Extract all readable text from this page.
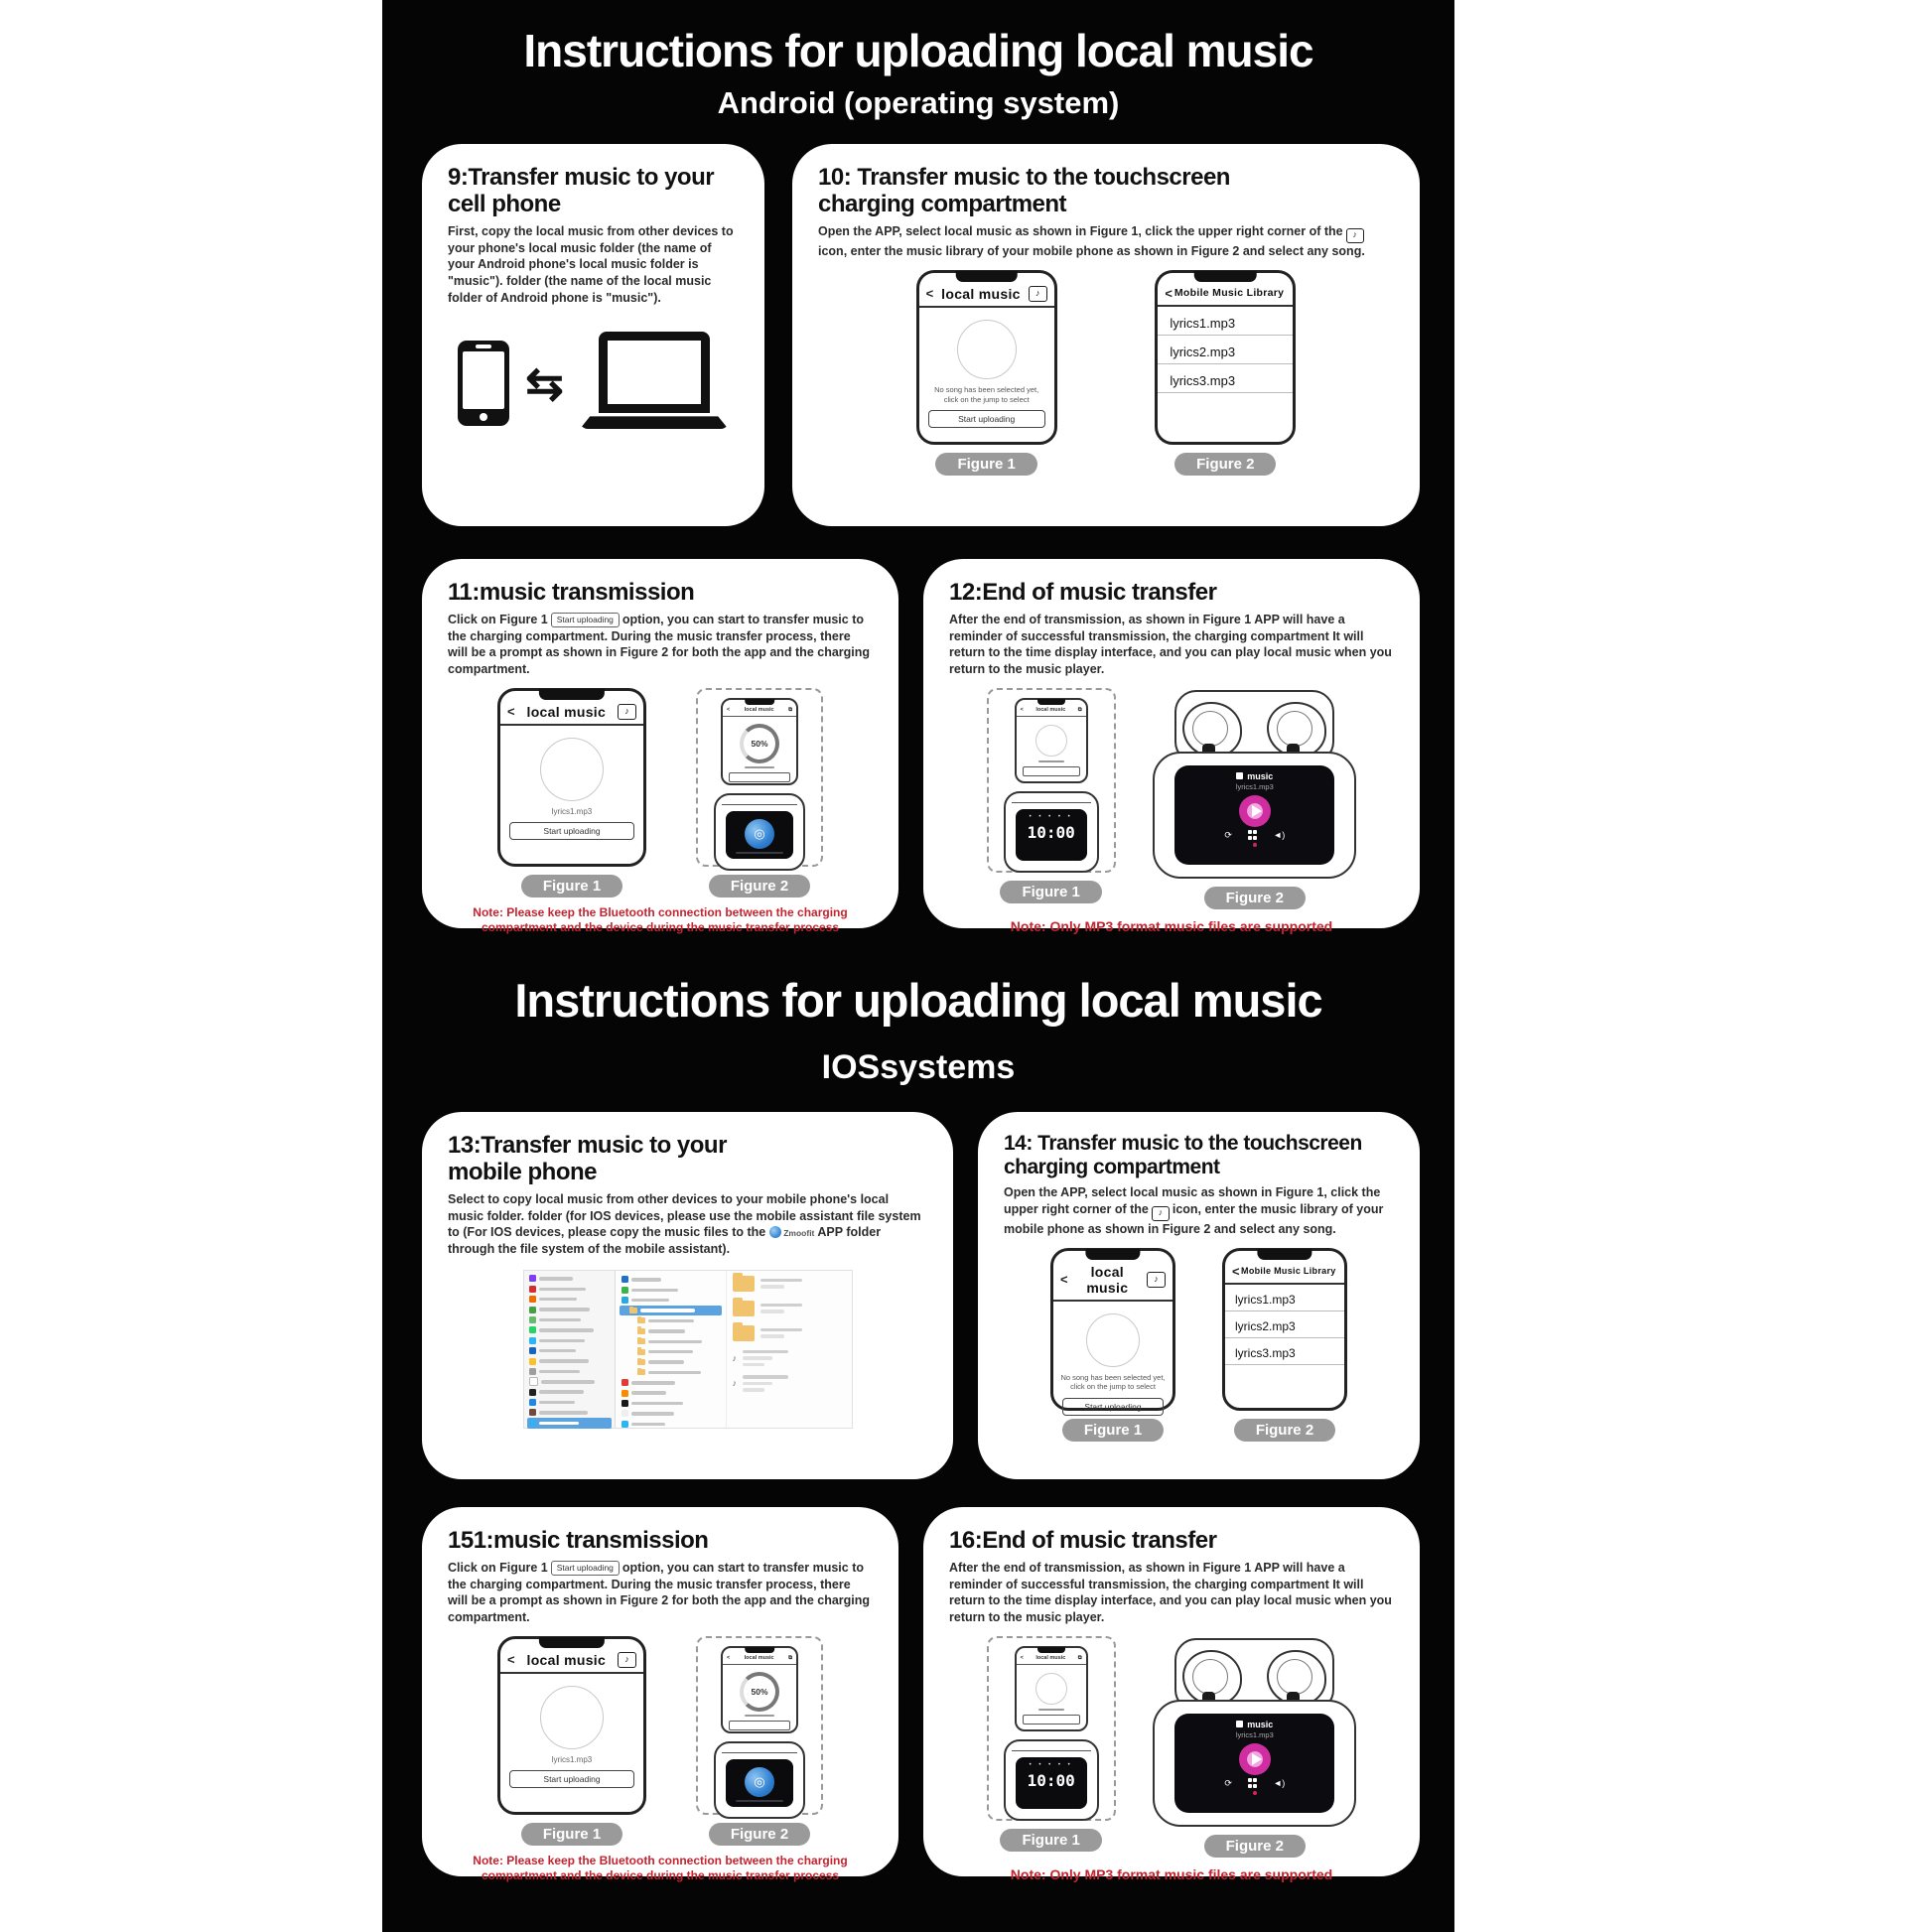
Instructions for uploading local music
Android (operating system)
9:Transfer music to your cell phone

First, copy the local music from other devices to your phone's local music folder (the name of your Android phone's local music folder is "music"). folder (the name of the local music folder of Android phone is "music").

⇆
10: Transfer music to the touchscreen charging compartment

Open the APP, select local music as shown in Figure 1, click the upper right corner of the ♪icon, enter the music library of your mobile phone as shown in Figure 2 and select any song.

< local music	♪
No song has been selected yet,
click on the jump to select
Start uploading
Figure 1
< Mobile Music Library
lyrics1.mp3
lyrics2.mp3
lyrics3.mp3
Figure 2
11:music transmission

Click on Figure 1 Start uploading option, you can start to transfer music to the charging compartment. During the music transfer process, there will be a prompt as shown in Figure 2 for both the app and the charging compartment.

< local music	♪
lyrics1.mp3
Start uploading
Figure 1
<	local music	⧉
50%
◎
Figure 2
Note: Please keep the Bluetooth connection between the charging compartment and the device during the music transfer process
12:End of music transfer

After the end of transmission, as shown in Figure 1 APP will have a reminder of successful transmission, the charging compartment It will return to the time display interface, and you can play local music when you return to the music player.

< local music ⧉
• • • • •
10:00
Figure 1
music
lyrics1.mp3
⟳	◄)
Figure 2
Note: Only MP3 format music files are supported
Instructions for uploading local music
IOSsystems
13:Transfer music to your mobile phone

Select to copy local music from other devices to your mobile phone's local music folder. folder (for IOS devices, please use the mobile assistant file system to (For IOS devices, please copy the music files to the Zmoofit APP folder through the file system of the mobile assistant).

♪
♪
14: Transfer music to the touchscreen charging compartment

Open the APP, select local music as shown in Figure 1, click the upper right corner of the ♪ icon, enter the music library of your mobile phone as shown in Figure 2 and select any song.

<	local music
♪
No song has been selected yet,
click on the jump to select
Start uploading
Figure 1
< Mobile Music Library
lyrics1.mp3
lyrics2.mp3
lyrics3.mp3
Figure 2
151:music transmission

Click on Figure 1 Start uploading option, you can start to transfer music to the charging compartment. During the music transfer process, there will be a prompt as shown in Figure 2 for both the app and the charging compartment.

< local music	♪
lyrics1.mp3
Start uploading
Figure 1
<	local music	⧉
50%
◎
Figure 2
Note: Please keep the Bluetooth connection between the charging compartment and the device during the music transfer process
16:End of music transfer

After the end of transmission, as shown in Figure 1 APP will have a reminder of successful transmission, the charging compartment It will return to the time display interface, and you can play local music when you return to the music player.

< local music ⧉
• • • • •
10:00
Figure 1
music
lyrics1.mp3
⟳	◄)
Figure 2
Note: Only MP3 format music files are supported
